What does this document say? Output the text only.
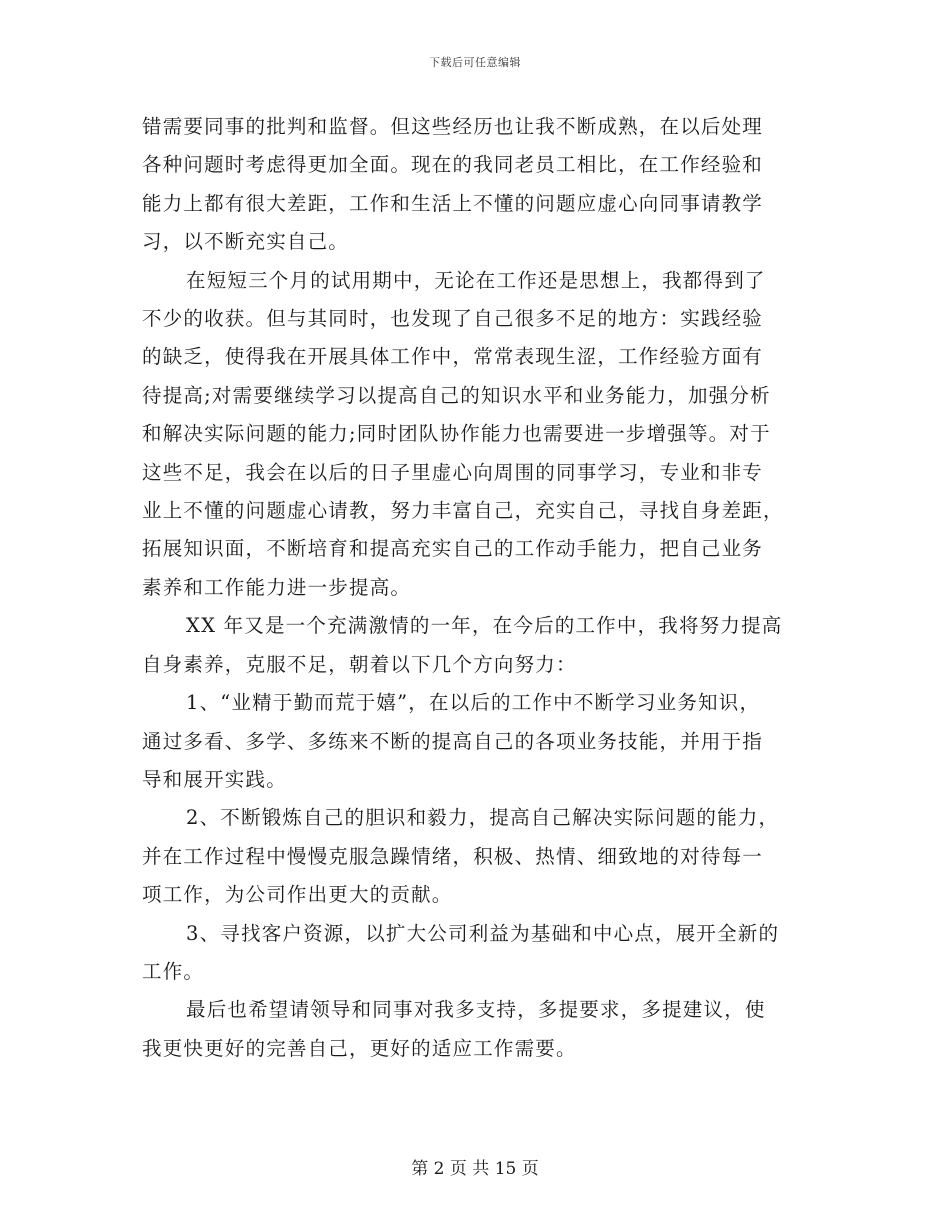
下载后可任意编辑
错需要同事的批判和监督。但这些经历也让我不断成熟，在以后处理
各种问题时考虑得更加全面。现在的我同老员工相比，在工作经验和
能力上都有很大差距，工作和生活上不懂的问题应虚心向同事请教学
习，以不断充实自己。
在短短三个月的试用期中，无论在工作还是思想上，我都得到了
不少的收获。但与其同时，也发现了自己很多不足的地方：实践经验
的缺乏，使得我在开展具体工作中，常常表现生涩，工作经验方面有
待提高;对需要继续学习以提高自己的知识水平和业务能力，加强分析
和解决实际问题的能力;同时团队协作能力也需要进一步增强等。对于
这些不足，我会在以后的日子里虚心向周围的同事学习，专业和非专
业上不懂的问题虚心请教，努力丰富自己，充实自己，寻找自身差距，
拓展知识面，不断培育和提高充实自己的工作动手能力，把自己业务
素养和工作能力进一步提高。
XX 年又是一个充满激情的一年，在今后的工作中，我将努力提高
自身素养，克服不足，朝着以下几个方向努力：
1、“业精于勤而荒于嬉”，在以后的工作中不断学习业务知识，
通过多看、多学、多练来不断的提高自己的各项业务技能，并用于指
导和展开实践。
2、不断锻炼自己的胆识和毅力，提高自己解决实际问题的能力，
并在工作过程中慢慢克服急躁情绪，积极、热情、细致地的对待每一
项工作，为公司作出更大的贡献。
3、寻找客户资源，以扩大公司利益为基础和中心点，展开全新的
工作。
最后也希望请领导和同事对我多支持，多提要求，多提建议，使
我更快更好的完善自己，更好的适应工作需要。
第 2 页 共 15 页
